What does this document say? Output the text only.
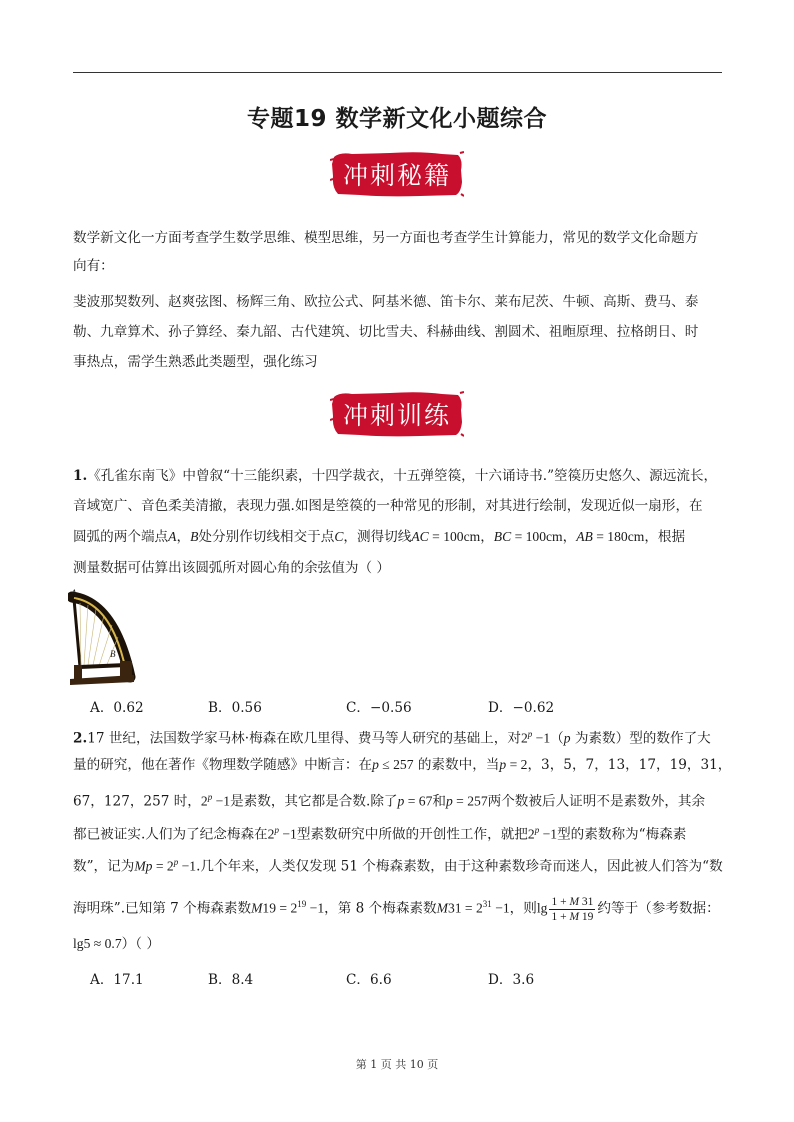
专题19 数学新文化小题综合
冲刺秘籍
数学新文化一方面考查学生数学思维、模型思维，另一方面也考查学生计算能力，常见的数学文化命题方
向有：
斐波那契数列、赵爽弦图、杨辉三角、欧拉公式、阿基米德、笛卡尔、莱布尼茨、牛顿、高斯、费马、泰
勒、九章算术、孙子算经、秦九韶、古代建筑、切比雪夫、科赫曲线、割圆术、祖暅原理、拉格朗日、时
事热点，需学生熟悉此类题型，强化练习
冲刺训练
1.《孔雀东南飞》中曾叙“十三能织素，十四学裁衣，十五弹箜篌，十六诵诗书.”箜篌历史悠久、源远流长，
音域宽广、音色柔美清撤，表现力强.如图是箜篌的一种常见的形制，对其进行绘制，发现近似一扇形，在
圆弧的两个端点A，B处分别作切线相交于点C，测得切线AC = 100cm，BC = 100cm，AB = 180cm，根据
测量数据可估算出该圆弧所对圆心角的余弦值为（ ）
A
B
A．0.62	B．0.56	C．−0.56	D．−0.62
2.17 世纪，法国数学家马林·梅森在欧几里得、费马等人研究的基础上，对$2^p -1(p$ 为素数）型的数作了大
量的研究，他在著作《物理数学随感》中断言：在p ≤ 257 的素数中，当p = 2，3，5，7，13，17，19，31，
67，127，257 时，$2^p -1$是素数，其它都是合数.除了p = 67和p = 257两个数被后人证明不是素数外，其余
都已被证实.人们为了纪念梅森在$2^p -1$型素数研究中所做的开创性工作，就把$2^p -1$型的素数称为“梅森素
数”，记为$Mp = 2^p -1$.几个年来，人类仅发现 51 个梅森素数，由于这种素数珍奇而迷人，因此被人们答为“数
海明珠”.已知第 7 个梅森素数$M19 = 2^{19} -1$，第 8 个梅森素数$M31 = 2^{31} -1$，则$\lg \frac{1 + M 31}{1 + M 19}$ 约等于（参考数据：
lg5 ≈ 0.7）（ ）
A．17.1	B．8.4	C．6.6	D．3.6
第 1 页 共 10 页
